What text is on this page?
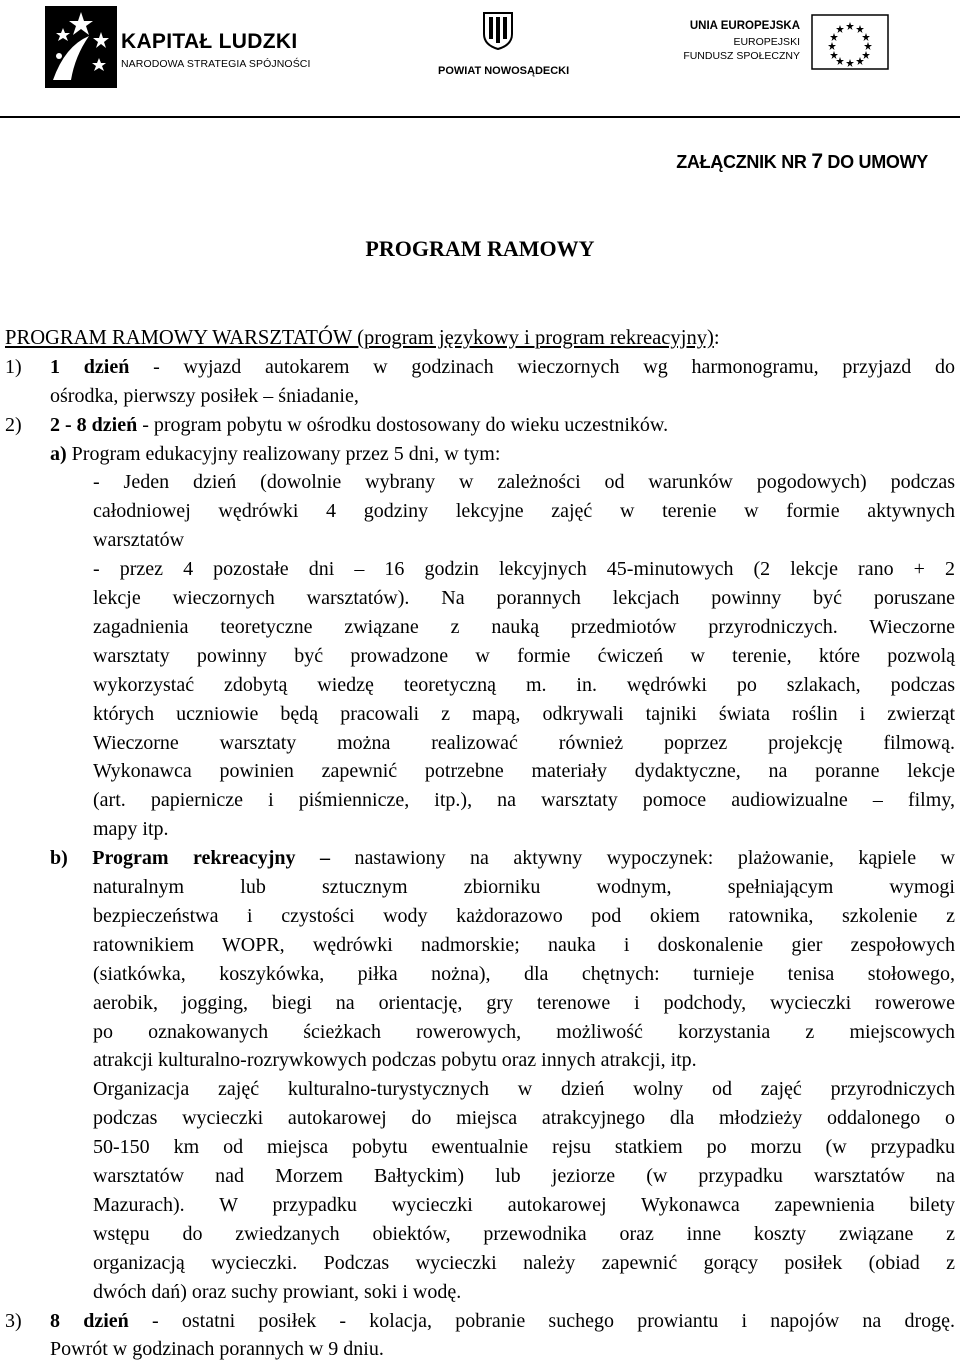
KAPITAŁ LUDZKI
NARODOWA STRATEGIA SPÓJNOŚCI
POWIAT NOWOSĄDECKI
UNIA EUROPEJSKA
EUROPEJSKI
FUNDUSZ SPOŁECZNY
ZAŁĄCZNIK NR 7 DO UMOWY
PROGRAM RAMOWY
PROGRAM RAMOWY WARSZTATÓW (program językowy i program rekreacyjny):
1) 1 dzień - wyjazd autokarem w godzinach wieczornych wg harmonogramu, przyjazd do
ośrodka, pierwszy posiłek – śniadanie,
2) 2 - 8 dzień - program pobytu w ośrodku dostosowany do wieku uczestników.
a) Program edukacyjny realizowany przez 5 dni, w tym:
- Jeden dzień (dowolnie wybrany w zależności od warunków pogodowych) podczas
całodniowej wędrówki 4 godziny lekcyjne zajęć w terenie w formie aktywnych
warsztatów
- przez 4 pozostałe dni – 16 godzin lekcyjnych 45-minutowych (2 lekcje rano + 2
lekcje wieczornych warsztatów). Na porannych lekcjach powinny być poruszane
zagadnienia teoretyczne związane z nauką przedmiotów przyrodniczych. Wieczorne
warsztaty powinny być prowadzone w formie ćwiczeń w terenie, które pozwolą
wykorzystać zdobytą wiedzę teoretyczną m. in. wędrówki po szlakach, podczas
których uczniowie będą pracowali z mapą, odkrywali tajniki świata roślin i zwierząt
Wieczorne warsztaty można realizować również poprzez projekcję filmową.
Wykonawca powinien zapewnić potrzebne materiały dydaktyczne, na poranne lekcje
(art. papiernicze i piśmiennicze, itp.), na warsztaty pomoce audiowizualne – filmy,
mapy itp.
b) Program rekreacyjny – nastawiony na aktywny wypoczynek: plażowanie, kąpiele w
naturalnym lub sztucznym zbiorniku wodnym, spełniającym wymogi
bezpieczeństwa i czystości wody każdorazowo pod okiem ratownika, szkolenie z
ratownikiem WOPR, wędrówki nadmorskie; nauka i doskonalenie gier zespołowych
(siatkówka, koszykówka, piłka nożna), dla chętnych: turnieje tenisa stołowego,
aerobik, jogging, biegi na orientację, gry terenowe i podchody, wycieczki rowerowe
po oznakowanych ścieżkach rowerowych, możliwość korzystania z miejscowych
atrakcji kulturalno-rozrywkowych podczas pobytu oraz innych atrakcji, itp.
Organizacja zajęć kulturalno-turystycznych w dzień wolny od zajęć przyrodniczych
podczas wycieczki autokarowej do miejsca atrakcyjnego dla młodzieży oddalonego o
50-150 km od miejsca pobytu ewentualnie rejsu statkiem po morzu (w przypadku
warsztatów nad Morzem Bałtyckim) lub jeziorze (w przypadku warsztatów na
Mazurach). W przypadku wycieczki autokarowej Wykonawca zapewnienia bilety
wstępu do zwiedzanych obiektów, przewodnika oraz inne koszty związane z
organizacją wycieczki. Podczas wycieczki należy zapewnić gorący posiłek (obiad z
dwóch dań) oraz suchy prowiant, soki i wodę.
3) 8 dzień - ostatni posiłek - kolacja, pobranie suchego prowiantu i napojów na drogę.
Powrót w godzinach porannych w 9 dniu.
